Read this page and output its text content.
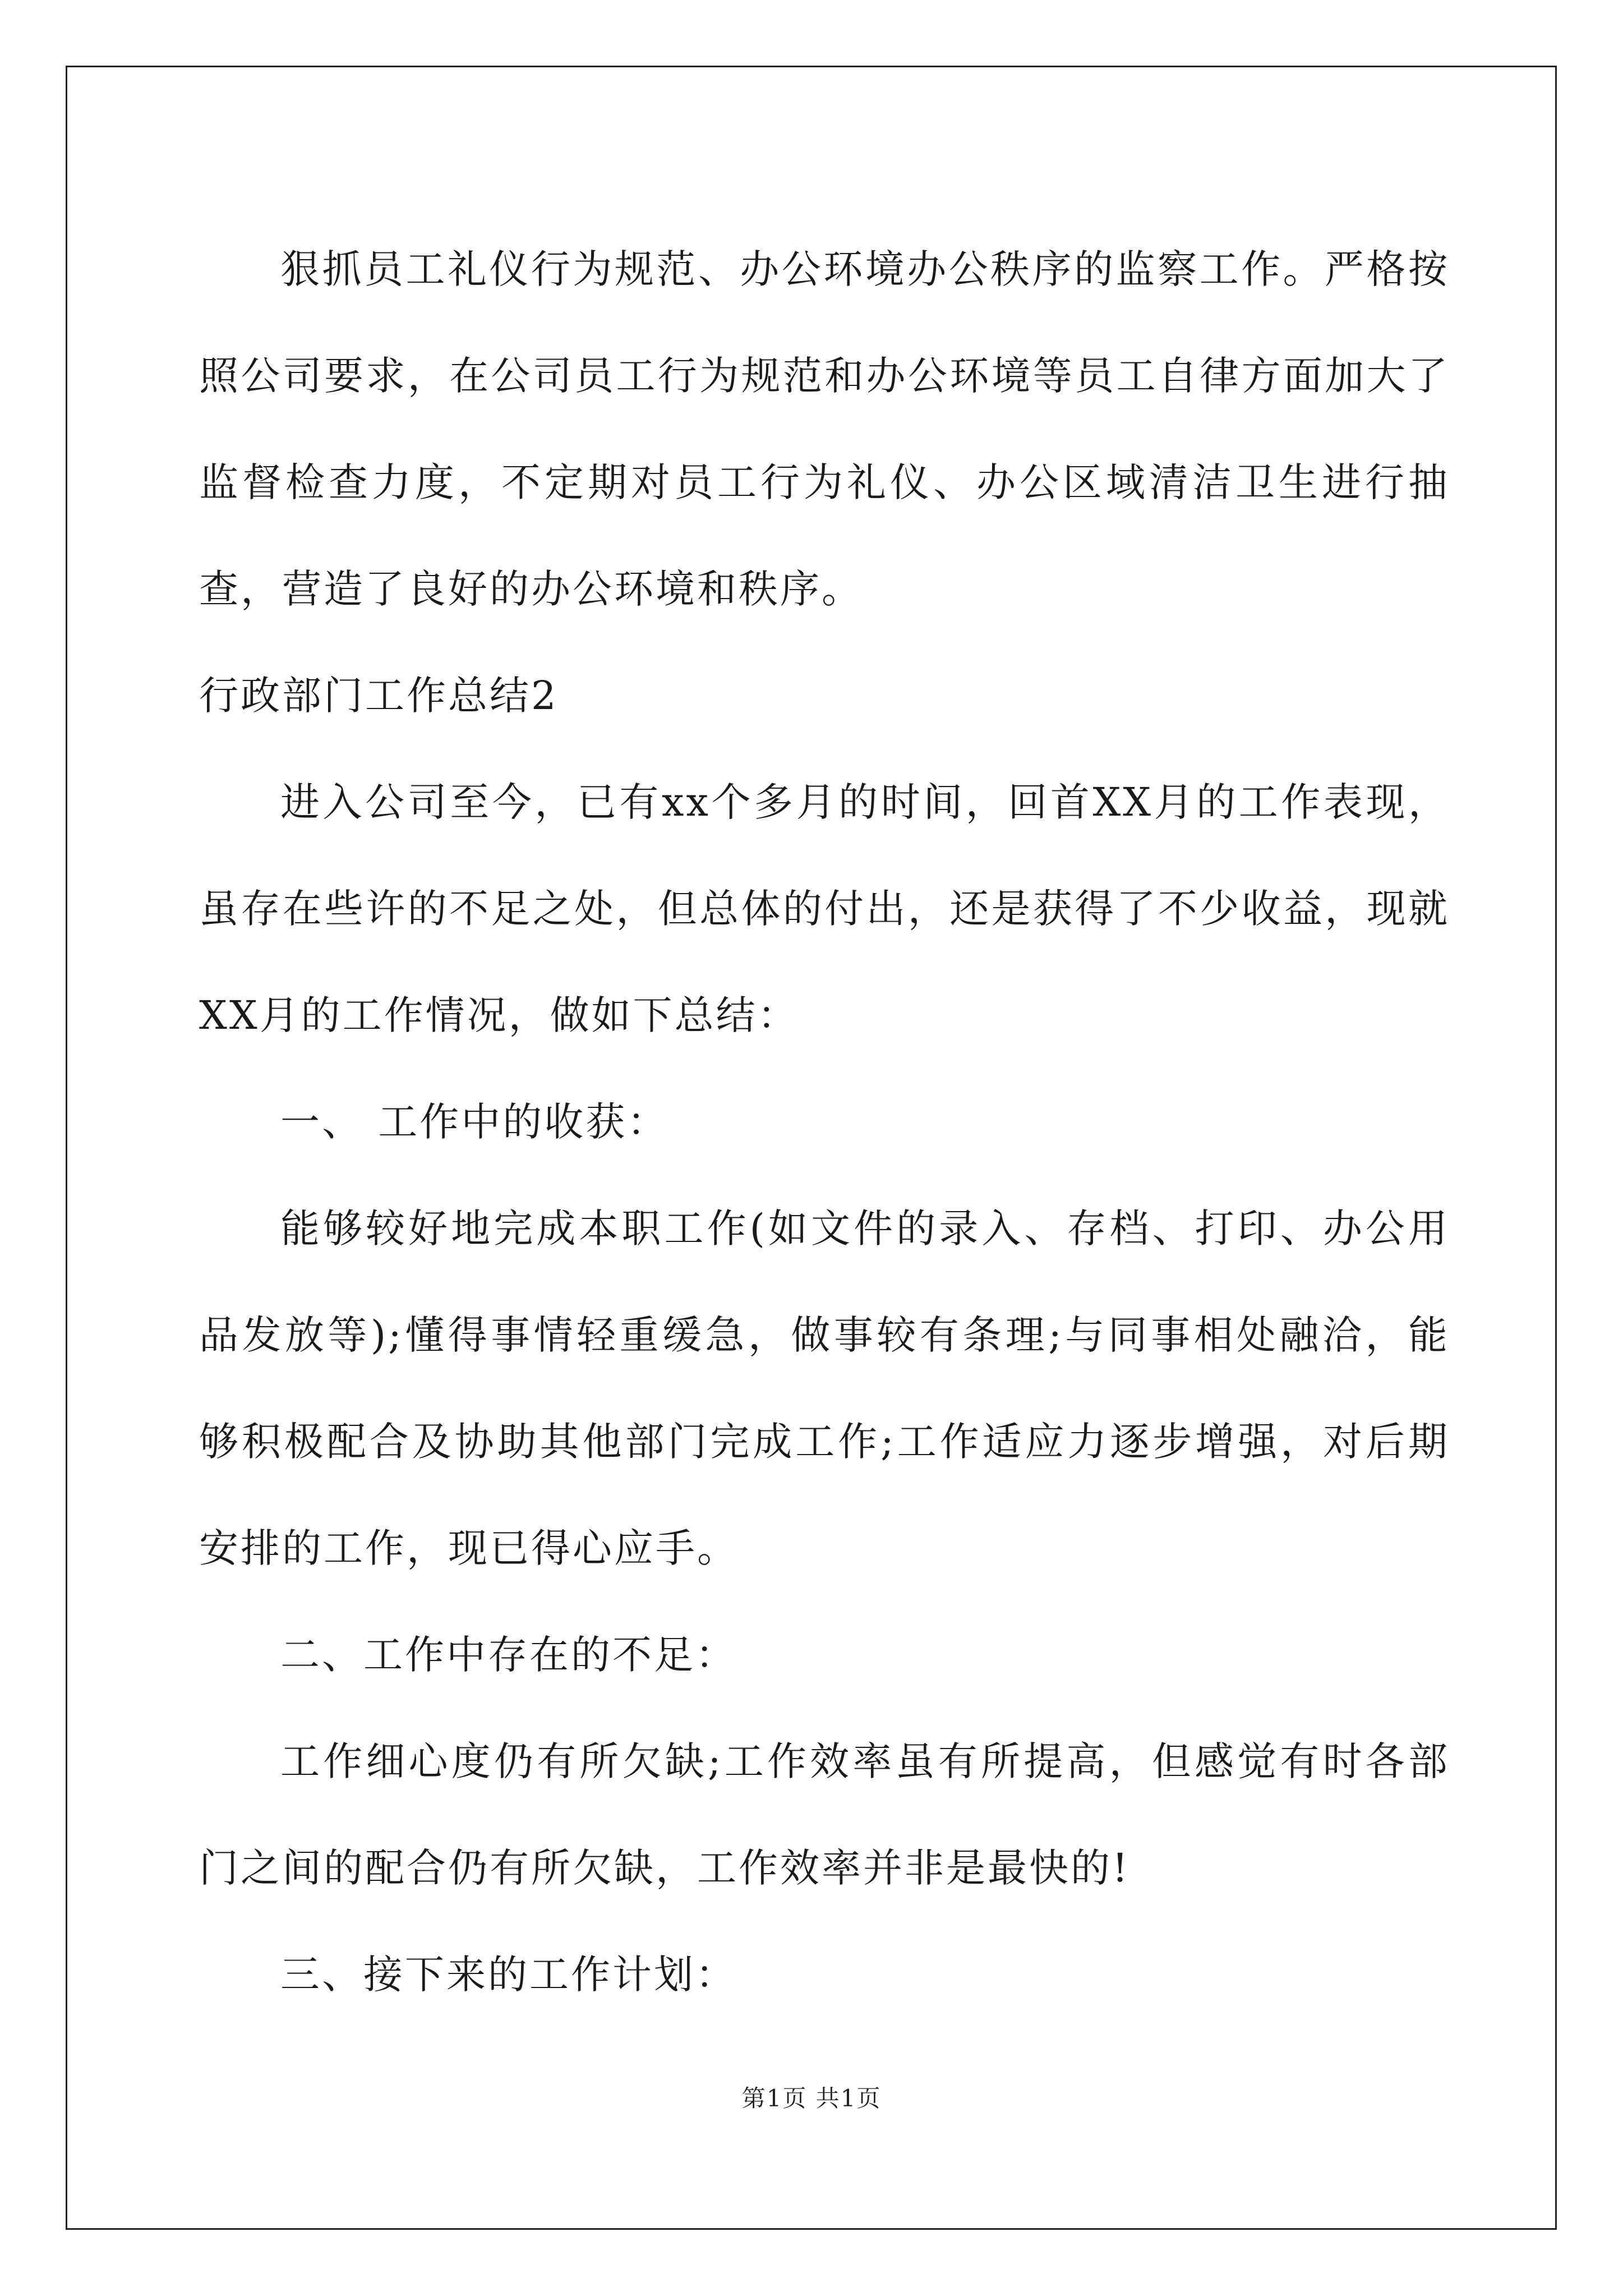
狠抓员工礼仪行为规范、办公环境办公秩序的监察工作。严格按照公司要求，在公司员工行为规范和办公环境等员工自律方面加大了监督检查力度，不定期对员工行为礼仪、办公区域清洁卫生进行抽查，营造了良好的办公环境和秩序。

行政部门工作总结2

进入公司至今，已有xx个多月的时间，回首XX月的工作表现，虽存在些许的不足之处，但总体的付出，还是获得了不少收益，现就XX月的工作情况，做如下总结：

一、 工作中的收获：

能够较好地完成本职工作(如文件的录入、存档、打印、办公用品发放等);懂得事情轻重缓急，做事较有条理;与同事相处融洽，能够积极配合及协助其他部门完成工作;工作适应力逐步增强，对后期安排的工作，现已得心应手。

二、工作中存在的不足：

工作细心度仍有所欠缺;工作效率虽有所提高，但感觉有时各部门之间的配合仍有所欠缺，工作效率并非是最快的!

三、接下来的工作计划：

第1页 共1页
